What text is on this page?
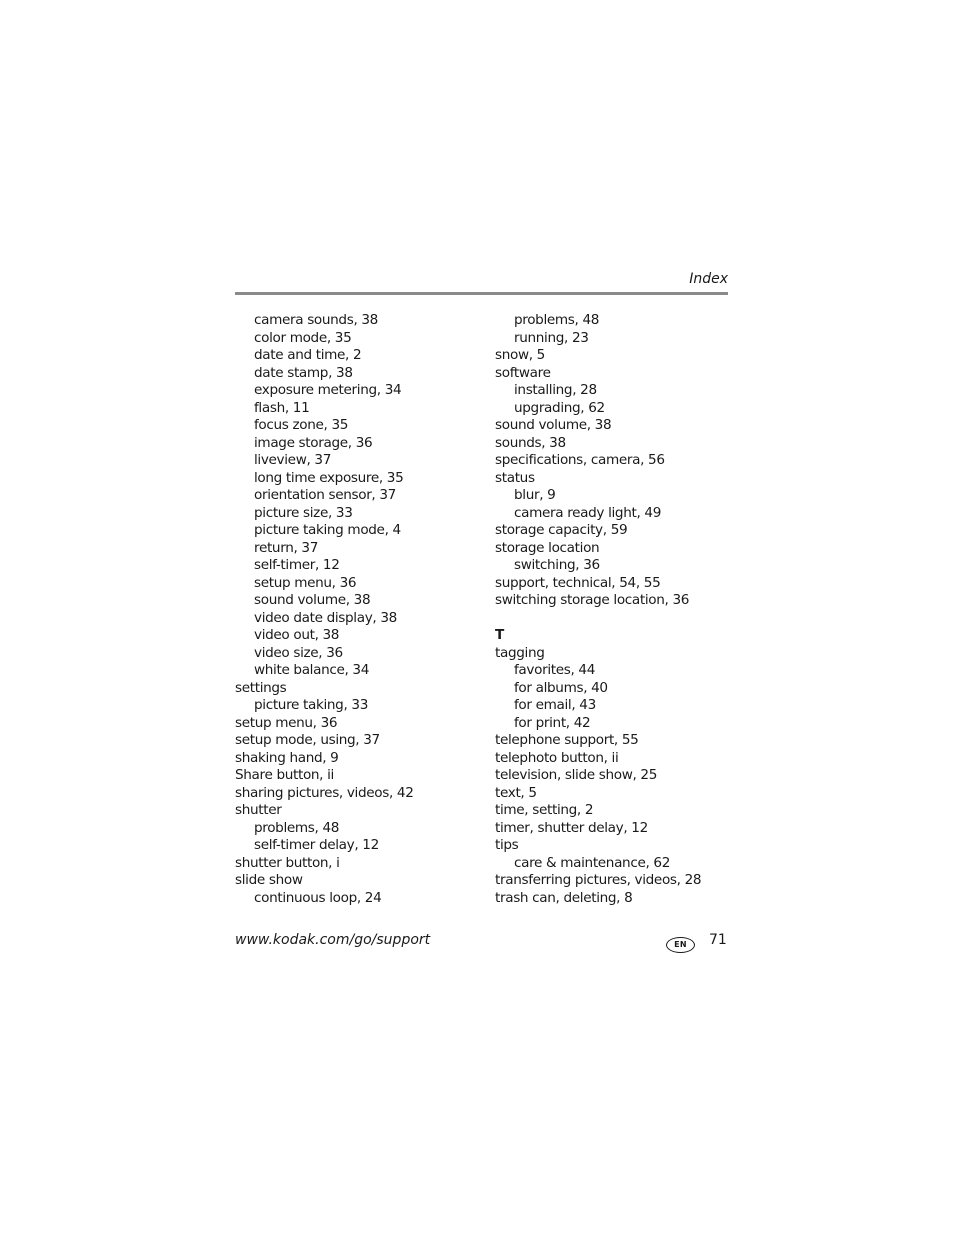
Index
camera sounds, 38
color mode, 35
date and time, 2
date stamp, 38
exposure metering, 34
flash, 11
focus zone, 35
image storage, 36
liveview, 37
long time exposure, 35
orientation sensor, 37
picture size, 33
picture taking mode, 4
return, 37
self-timer, 12
setup menu, 36
sound volume, 38
video date display, 38
video out, 38
video size, 36
white balance, 34
settings
picture taking, 33
setup menu, 36
setup mode, using, 37
shaking hand, 9
Share button, ii
sharing pictures, videos, 42
shutter
problems, 48
self-timer delay, 12
shutter button, i
slide show
continuous loop, 24
problems, 48
running, 23
snow, 5
software
installing, 28
upgrading, 62
sound volume, 38
sounds, 38
specifications, camera, 56
status
blur, 9
camera ready light, 49
storage capacity, 59
storage location
switching, 36
support, technical, 54, 55
switching storage location, 36
T
tagging
favorites, 44
for albums, 40
for email, 43
for print, 42
telephone support, 55
telephoto button, ii
television, slide show, 25
text, 5
time, setting, 2
timer, shutter delay, 12
tips
care & maintenance, 62
transferring pictures, videos, 28
trash can, deleting, 8
www.kodak.com/go/support	EN	71
